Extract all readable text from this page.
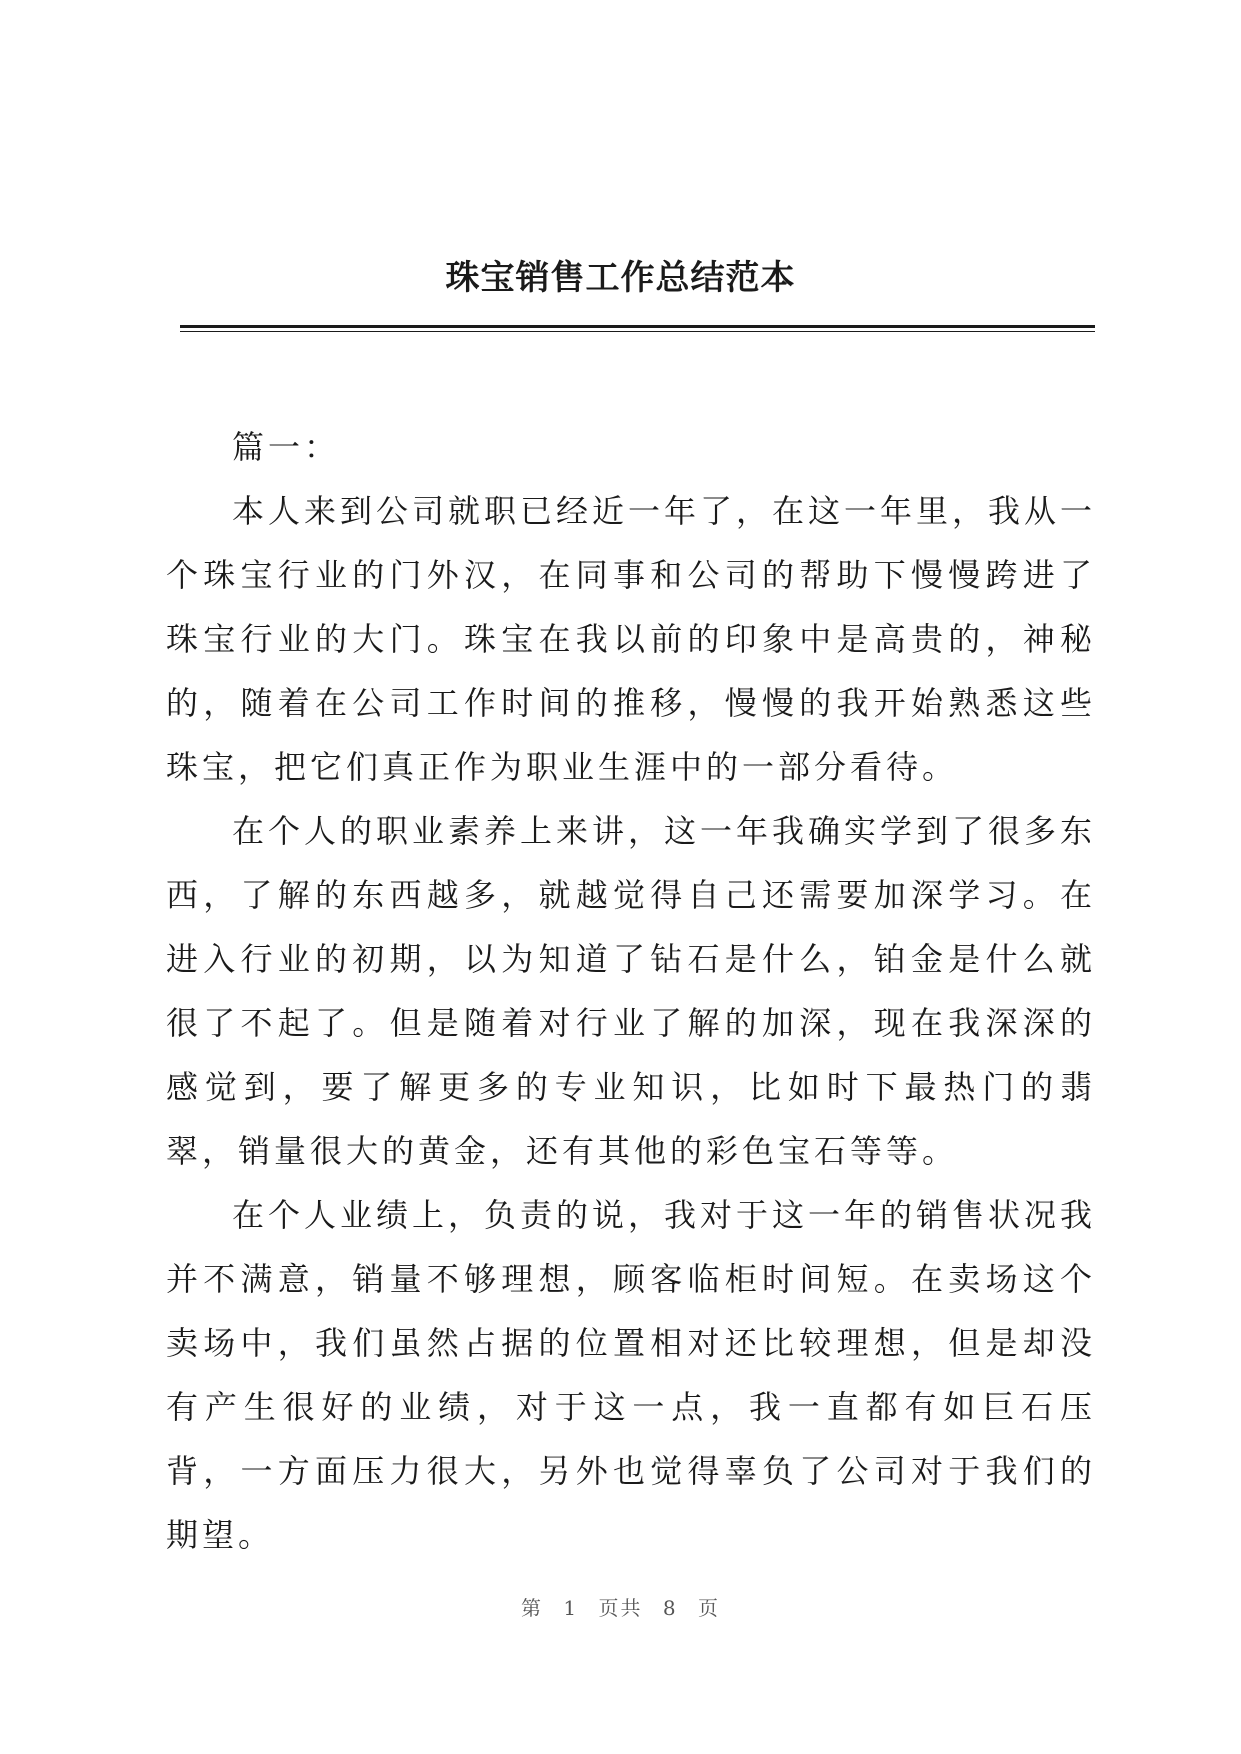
珠宝销售工作总结范本

篇一：

本人来到公司就职已经近一年了，在这一年里，我从一个珠宝行业的门外汉，在同事和公司的帮助下慢慢跨进了珠宝行业的大门。珠宝在我以前的印象中是高贵的，神秘的，随着在公司工作时间的推移，慢慢的我开始熟悉这些珠宝，把它们真正作为职业生涯中的一部分看待。

在个人的职业素养上来讲，这一年我确实学到了很多东西，了解的东西越多，就越觉得自己还需要加深学习。在进入行业的初期，以为知道了钻石是什么，铂金是什么就很了不起了。但是随着对行业了解的加深，现在我深深的感觉到，要了解更多的专业知识，比如时下最热门的翡翠，销量很大的黄金，还有其他的彩色宝石等等。

在个人业绩上，负责的说，我对于这一年的销售状况我并不满意，销量不够理想，顾客临柜时间短。在卖场这个卖场中，我们虽然占据的位置相对还比较理想，但是却没有产生很好的业绩，对于这一点，我一直都有如巨石压背，一方面压力很大，另外也觉得辜负了公司对于我们的期望。

第 1 页共 8 页
